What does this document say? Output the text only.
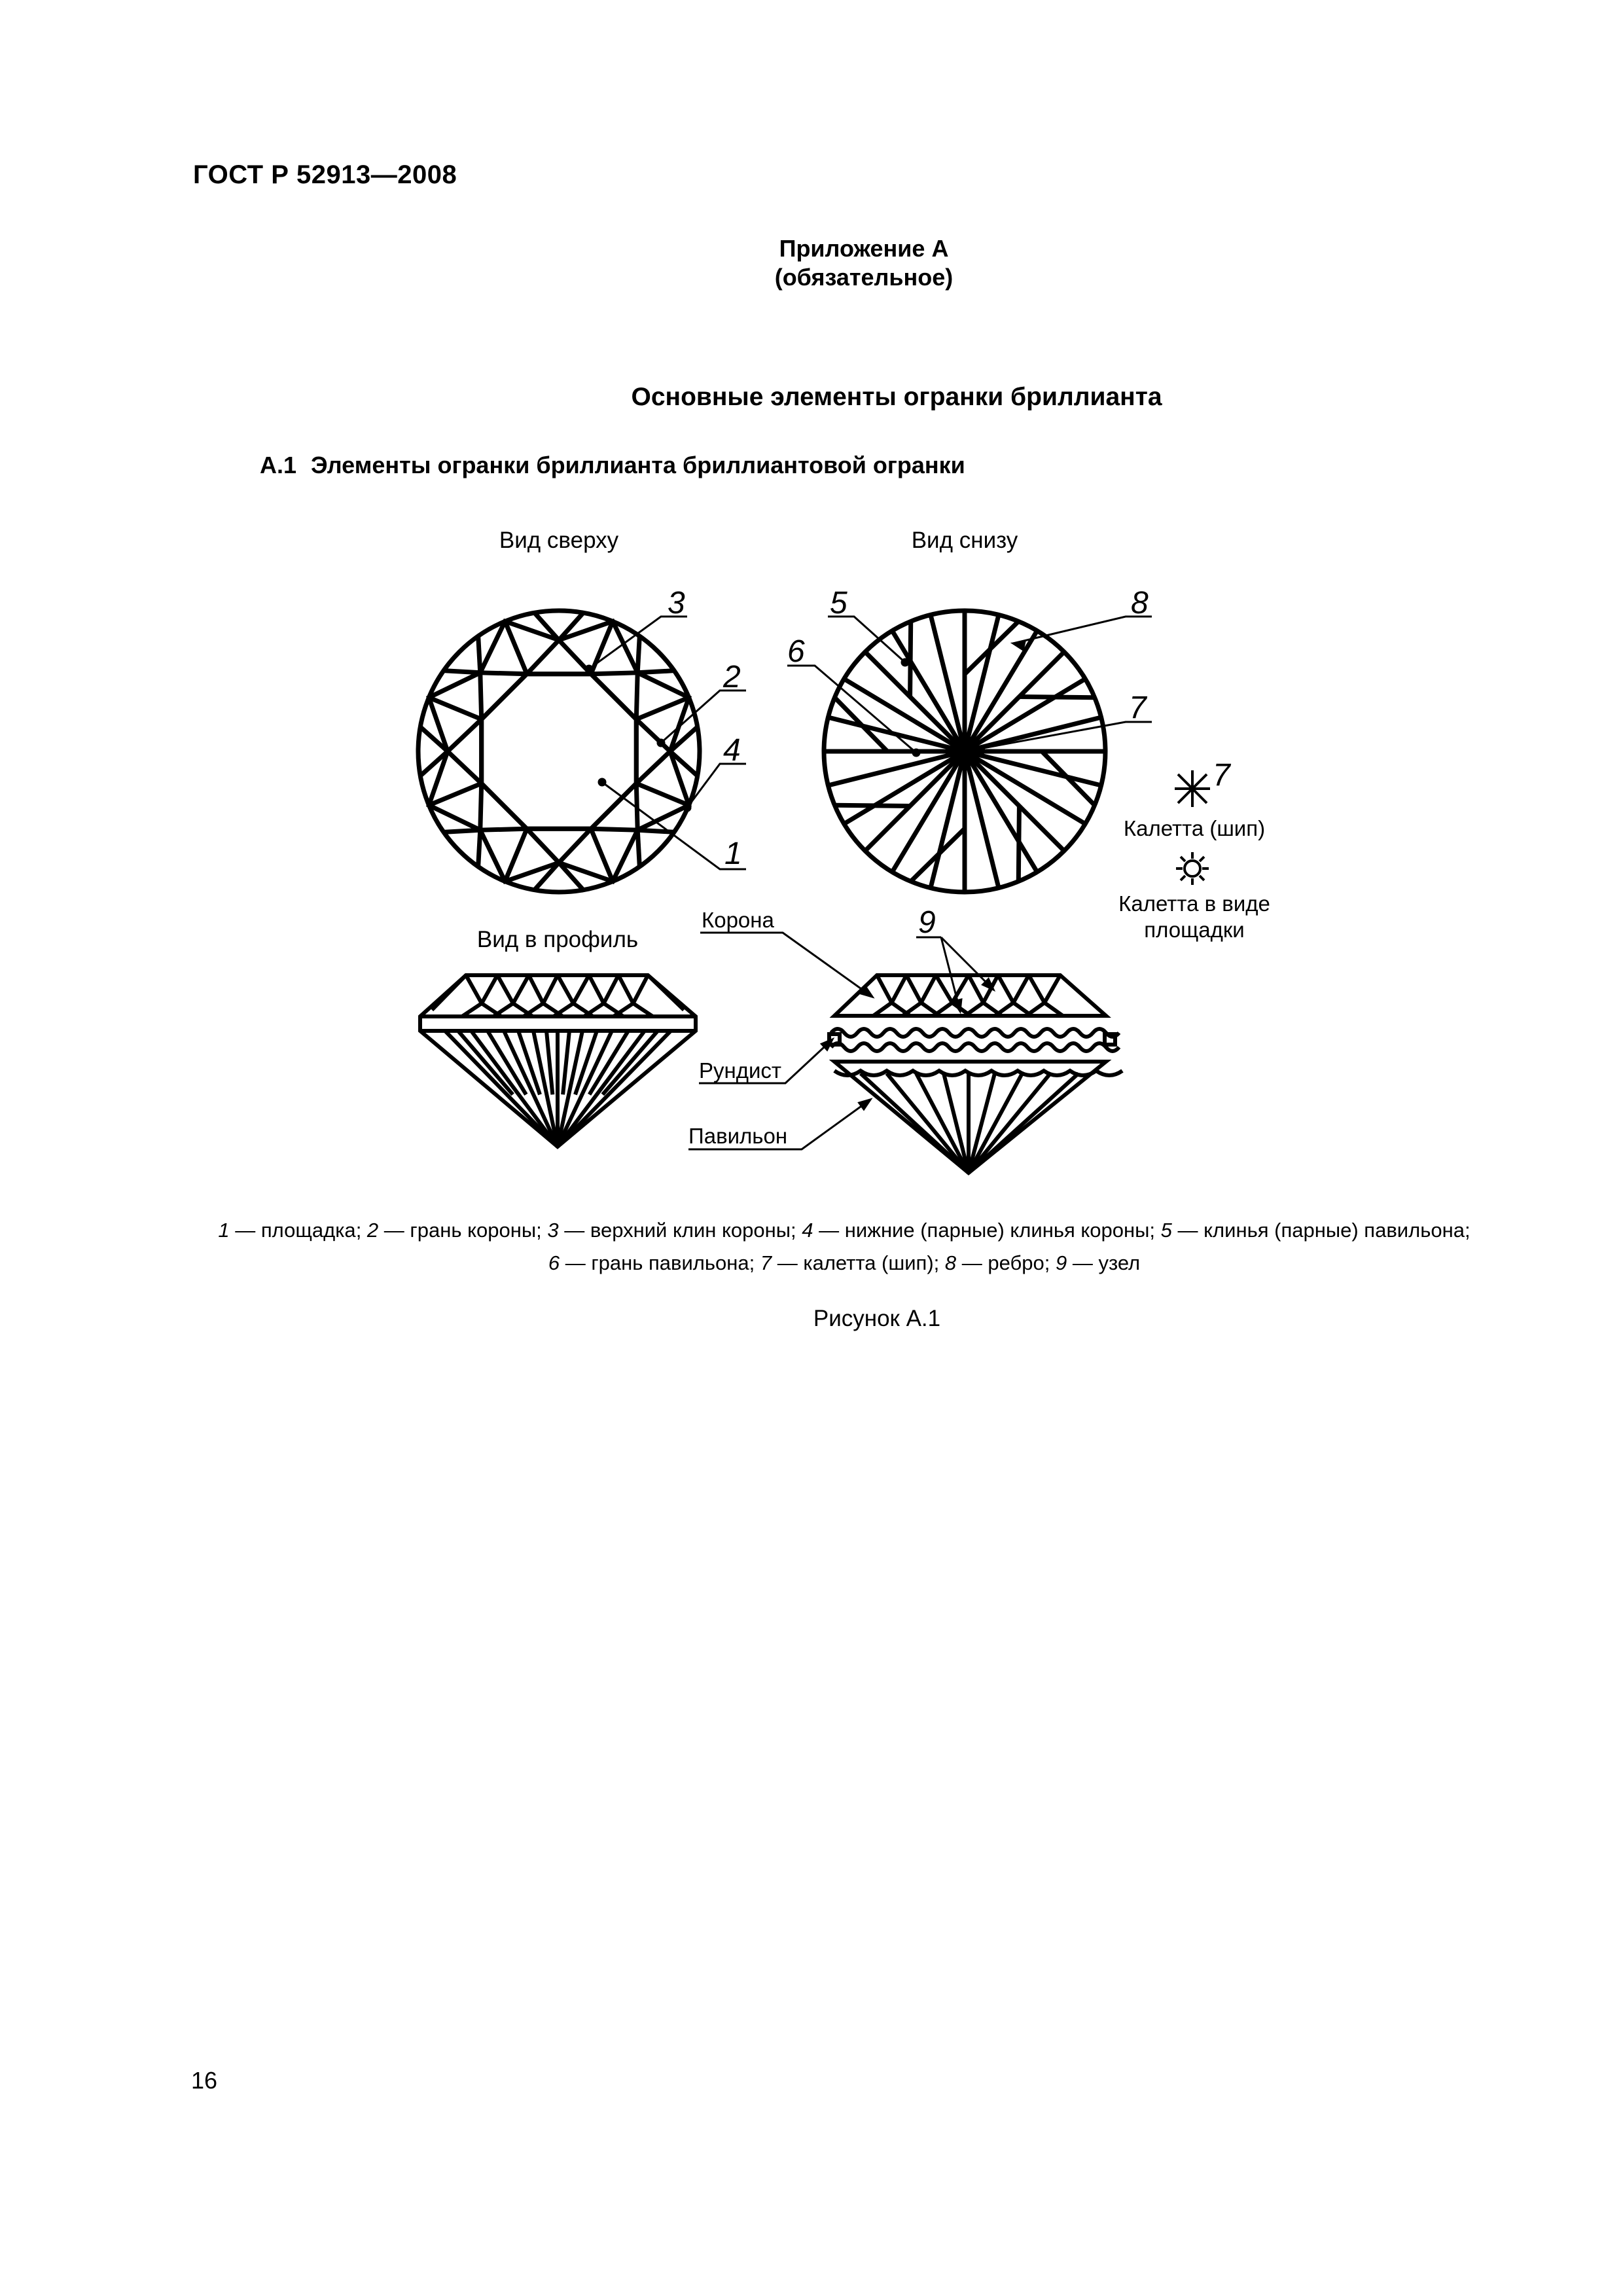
ГОСТ Р 52913—2008
Приложение А
(обязательное)
Основные элементы огранки бриллианта
А.1 Элементы огранки бриллианта бриллиантовой огранки
Вид сверху	Вид снизу
Вид в профиль
3
2
4
1
5	8
6
7
9
7
Корона
Рундист
Павильон
Калетта (шип)
Калетта в виде
площадки
1 — площадка; 2 — грань короны; 3 — верхний клин короны; 4 — нижние (парные) клинья короны; 5 — клинья (парные) павильона; 6 — грань павильона; 7 — калетта (шип); 8 — ребро; 9 — узел
Рисунок А.1
16
